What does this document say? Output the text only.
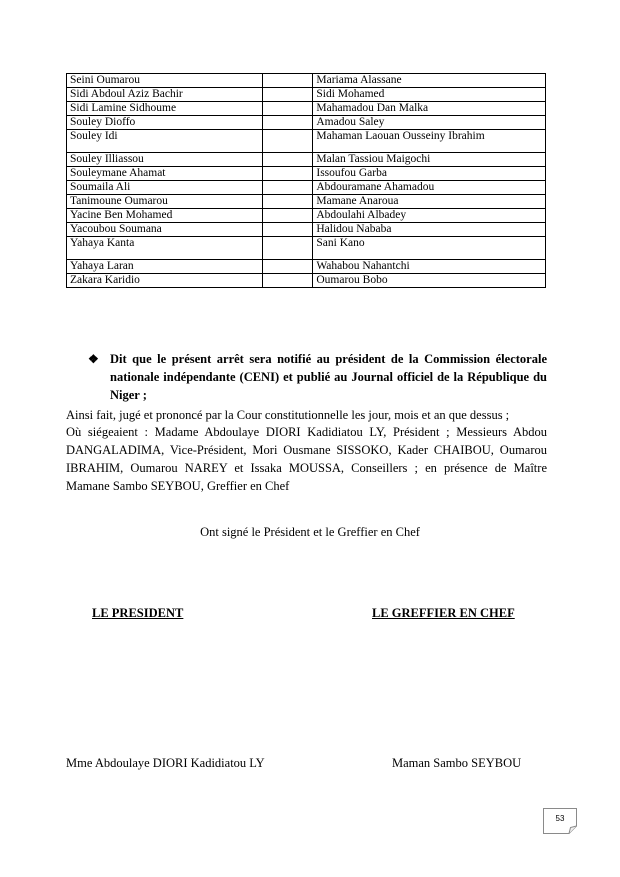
Seini Oumarou		Mariama Alassane
Sidi Abdoul Aziz Bachir		Sidi Mohamed
Sidi Lamine Sidhoume		Mahamadou Dan Malka
Souley Dioffo		Amadou Saley
Souley Idi		Mahaman Laouan Ousseiny Ibrahim
Souley Illiassou		Malan Tassiou Maigochi
Souleymane Ahamat		Issoufou Garba
Soumaila Ali		Abdouramane Ahamadou
Tanimoune Oumarou		Mamane Anaroua
Yacine Ben Mohamed		Abdoulahi Albadey
Yacoubou Soumana		Halidou Nababa
Yahaya Kanta		Sani Kano
Yahaya Laran		Wahabou Nahantchi
Zakara Karidio		Oumarou Bobo
❖ Dit que le présent arrêt sera notifié au président de la Commission électorale nationale indépendante (CENI) et publié au Journal officiel de la République du Niger ;
Ainsi fait, jugé et prononcé par la Cour constitutionnelle les jour, mois et an que dessus ;
Où siégeaient : Madame Abdoulaye DIORI Kadidiatou LY, Président ; Messieurs Abdou DANGALADIMA, Vice-Président, Mori Ousmane SISSOKO, Kader CHAIBOU, Oumarou IBRAHIM, Oumarou NAREY et Issaka MOUSSA, Conseillers ; en présence de Maître Mamane Sambo SEYBOU, Greffier en Chef
Ont signé le Président et le Greffier en Chef
LE PRESIDENT	LE GREFFIER EN CHEF
Mme Abdoulaye DIORI Kadidiatou LY	Maman Sambo SEYBOU
53
